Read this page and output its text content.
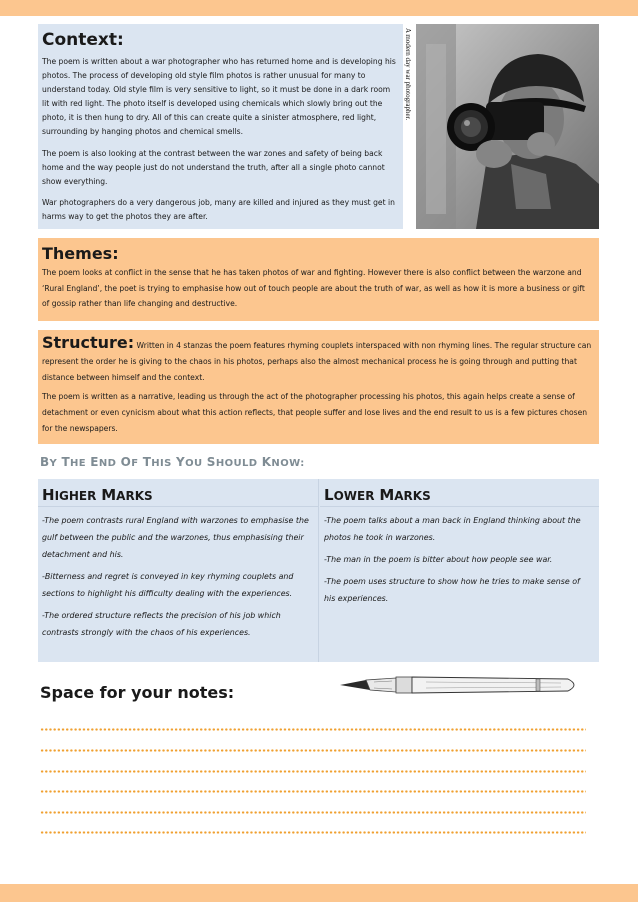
Context:

The poem is written about a war photographer who has returned home and is developing his photos. The process of developing old style film photos is rather unusual for many to understand today. Old style film is very sensitive to light, so it must be done in a dark room lit with red light. The photo itself is developed using chemicals which slowly bring out the photo, it is then hung to dry. All of this can create quite a sinister atmosphere, red light, surrounding by hanging photos and chemical smells.

The poem is also looking at the contrast between the war zones and safety of being back home and the way people just do not understand the truth, after all a single photo cannot show everything.

War photographers do a very dangerous job, many are killed and injured as they must get in harms way to get the photos they are after.

A modern day war photographer.
Themes:

The poem looks at conflict in the sense that he has taken photos of war and fighting. However there is also conflict between the warzone and ‘Rural England’, the poet is trying to emphasise how out of touch people are about the truth of war, as well as how it is more a business or gift of gossip rather than life changing and destructive.

Structure: Written in 4 stanzas the poem features rhyming couplets interspaced with non rhyming lines. The regular structure can represent the order he is giving to the chaos in his photos, perhaps also the almost mechanical process he is going through and putting that distance between himself and the context.

The poem is written as a narrative, leading us through the act of the photographer processing his photos, this again helps create a sense of detachment or even cynicism about what this action reflects, that people suffer and lose lives and the end result to us is a few pictures chosen for the newspapers.

BY THE END OF THIS YOU SHOULD KNOW:
HIGHER MARKS

-The poem contrasts rural England with warzones to emphasise the gulf between the public and the warzones, thus emphasising their detachment and his.

-Bitterness and regret is conveyed in key rhyming couplets and sections to highlight his difficulty dealing with the experiences.

-The ordered structure reflects the precision of his job which contrasts strongly with the chaos of his experiences.

LOWER MARKS

-The poem talks about a man back in England thinking about the photos he took in warzones.

-The man in the poem is bitter about how people see war.

-The poem uses structure to show how he tries to make sense of his experiences.

Space for your notes:
